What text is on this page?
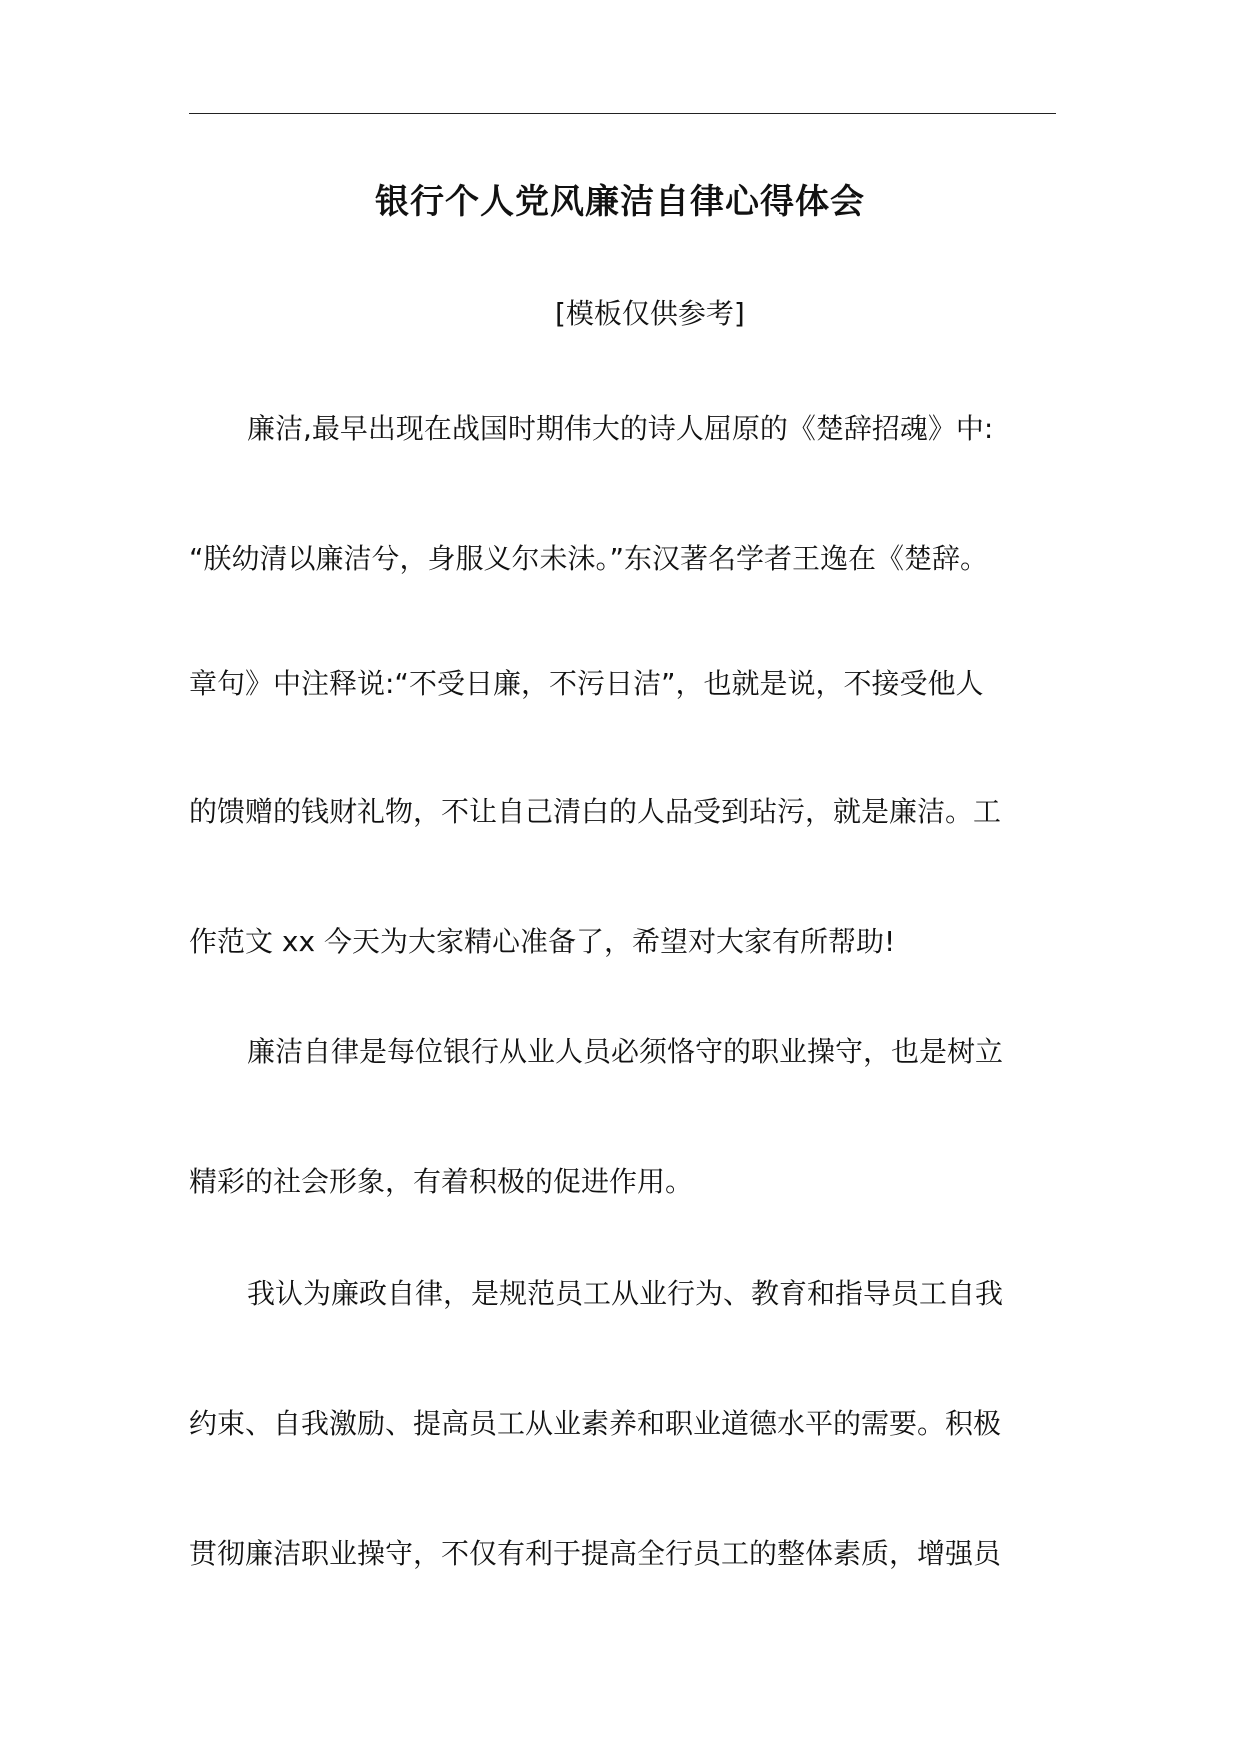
银行个人党风廉洁自律心得体会
[模板仅供参考]
廉洁,最早出现在战国时期伟大的诗人屈原的《楚辞招魂》中:
“朕幼清以廉洁兮，身服义尔未沬。”东汉著名学者王逸在《楚辞。
章句》中注释说:“不受日廉，不污日洁”，也就是说，不接受他人
的馈赠的钱财礼物，不让自己清白的人品受到玷污，就是廉洁。工
作范文 xx 今天为大家精心准备了，希望对大家有所帮助!
廉洁自律是每位银行从业人员必须恪守的职业操守，也是树立
精彩的社会形象，有着积极的促进作用。
我认为廉政自律，是规范员工从业行为、教育和指导员工自我
约束、自我激励、提高员工从业素养和职业道德水平的需要。积极
贯彻廉洁职业操守，不仅有利于提高全行员工的整体素质，增强员
